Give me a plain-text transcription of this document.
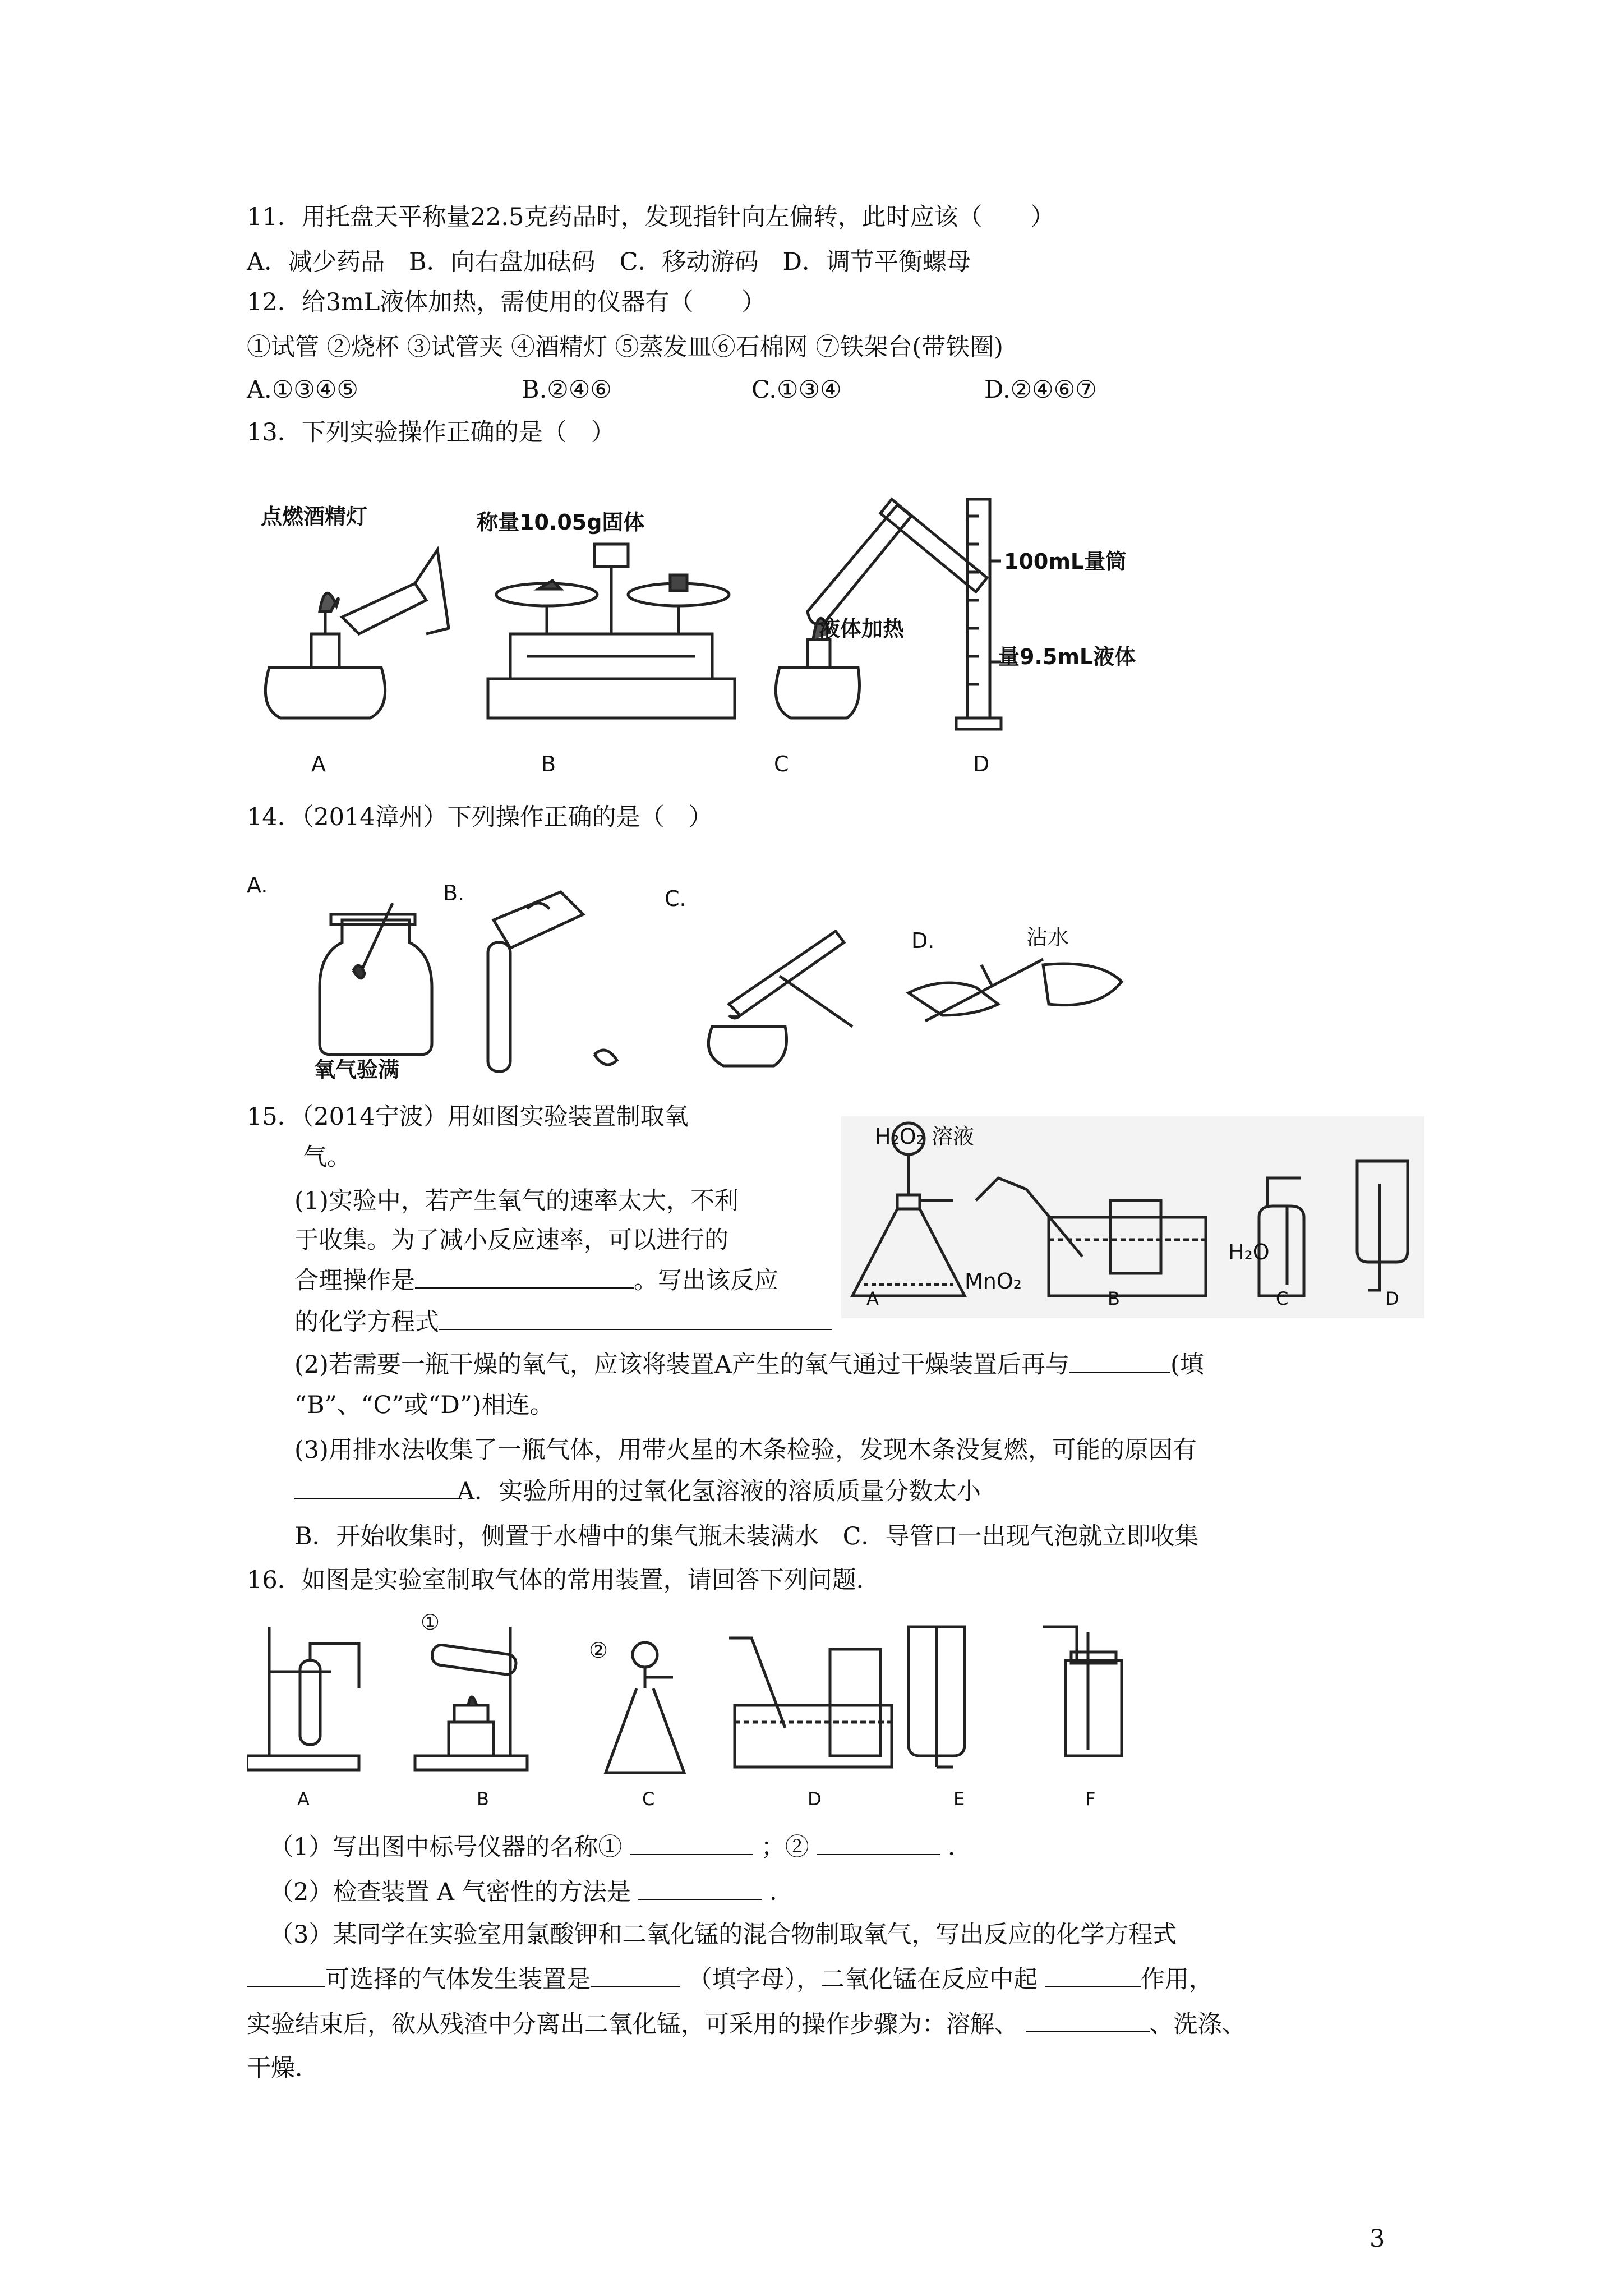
11．用托盘天平称量22.5克药品时，发现指针向左偏转，此时应该（　　）
A．减少药品　B．向右盘加砝码　C．移动游码　D．调节平衡螺母
12．给3mL液体加热，需使用的仪器有（　　）
①试管 ②烧杯 ③试管夹 ④酒精灯 ⑤蒸发皿⑥石棉网 ⑦铁架台(带铁圈)
A.①③④⑤	B.②④⑥	C.①③④	D.②④⑥⑦
13．下列实验操作正确的是（　）
点燃酒精灯	称量10.05g固体
液体加热
100mL量筒
量9.5mL液体
A	B	C	D
14．（2014漳州）下列操作正确的是（　）
A.	B.	C.
D.
氧气验满
沾水
15．（2014宁波）用如图实验装置制取氧
气。
(1)实验中，若产生氧气的速率太大，不利
于收集。为了减小反应速率，可以进行的
合理操作是	。写出该反应
的化学方程式
H₂O₂ 溶液
MnO₂
H₂O
A	B	C	D
(2)若需要一瓶干燥的氧气，应该将装置A产生的氧气通过干燥装置后再与	(填
“B”、“C”或“D”)相连。
(3)用排水法收集了一瓶气体，用带火星的木条检验，发现木条没复燃，可能的原因有
A．实验所用的过氧化氢溶液的溶质质量分数太小
B．开始收集时，侧置于水槽中的集气瓶未装满水　C．导管口一出现气泡就立即收集
16．如图是实验室制取气体的常用装置，请回答下列问题．
①
②
A	B	C	D	E	F
（1）写出图中标号仪器的名称①	；②	．
（2）检查装置 A 气密性的方法是	．
（3）某同学在实验室用氯酸钾和二氧化锰的混合物制取氧气，写出反应的化学方程式
可选择的气体发生装置是	（填字母），二氧化锰在反应中起	作用，
实验结束后，欲从残渣中分离出二氧化锰，可采用的操作步骤为：溶解、	、洗涤、
干燥．
3
